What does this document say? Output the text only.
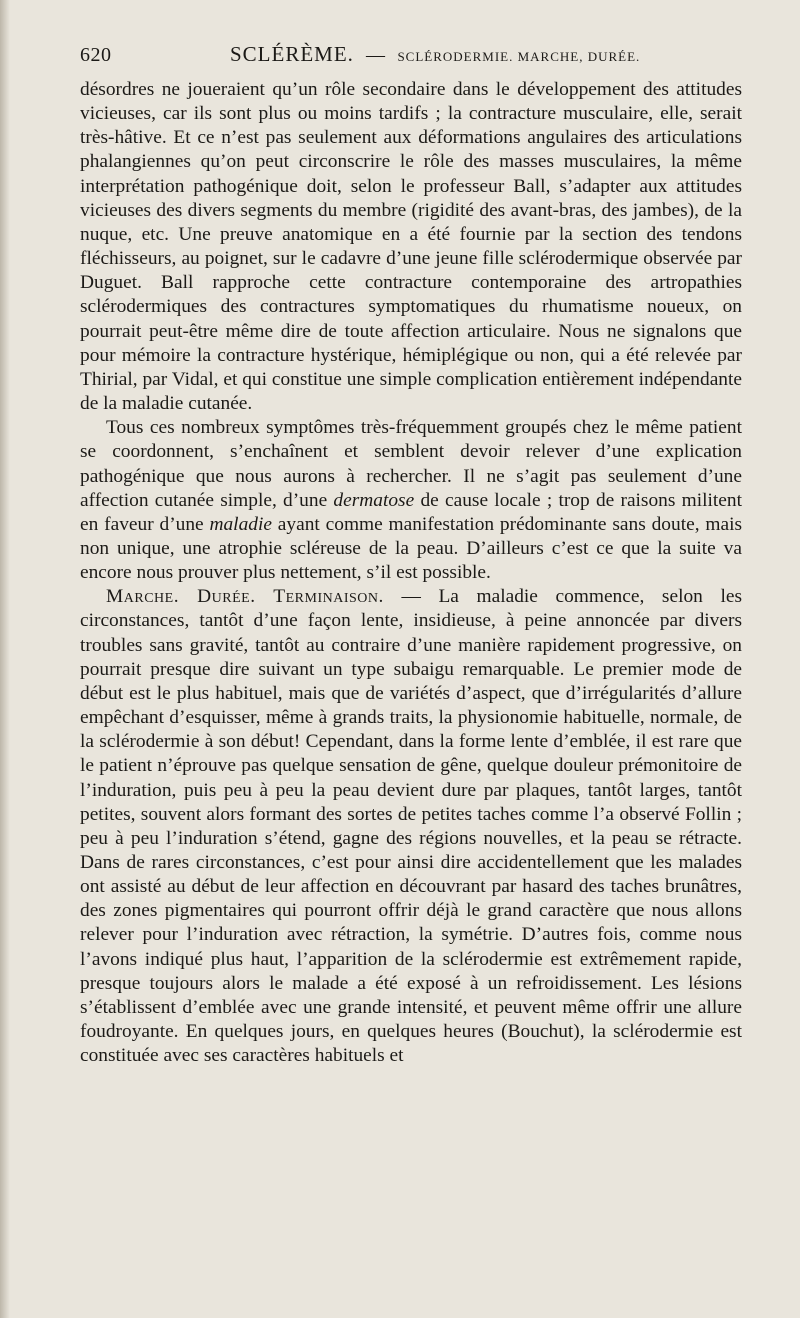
620	SCLÉRÈME. — SCLÉRODERMIE. MARCHE, DURÉE.

désordres ne joueraient qu’un rôle secondaire dans le développement des attitudes vicieuses, car ils sont plus ou moins tardifs ; la contracture musculaire, elle, serait très-hâtive. Et ce n’est pas seulement aux déformations angulaires des articulations phalangiennes qu’on peut circonscrire le rôle des masses musculaires, la même interprétation pathogénique doit, selon le professeur Ball, s’adapter aux attitudes vicieuses des divers segments du membre (rigidité des avant-bras, des jambes), de la nuque, etc. Une preuve anatomique en a été fournie par la section des tendons fléchisseurs, au poignet, sur le cadavre d’une jeune fille sclérodermique observée par Duguet. Ball rapproche cette contracture contemporaine des artropathies sclérodermiques des contractures symptomatiques du rhumatisme noueux, on pourrait peut-être même dire de toute affection articulaire. Nous ne signalons que pour mémoire la contracture hystérique, hémiplégique ou non, qui a été relevée par Thirial, par Vidal, et qui constitue une simple complication entièrement indépendante de la maladie cutanée.

Tous ces nombreux symptômes très-fréquemment groupés chez le même patient se coordonnent, s’enchaînent et semblent devoir relever d’une explication pathogénique que nous aurons à rechercher. Il ne s’agit pas seulement d’une affection cutanée simple, d’une dermatose de cause locale ; trop de raisons militent en faveur d’une maladie ayant comme manifestation prédominante sans doute, mais non unique, une atrophie scléreuse de la peau. D’ailleurs c’est ce que la suite va encore nous prouver plus nettement, s’il est possible.

Marche. Durée. Terminaison. — La maladie commence, selon les circonstances, tantôt d’une façon lente, insidieuse, à peine annoncée par divers troubles sans gravité, tantôt au contraire d’une manière rapidement progressive, on pourrait presque dire suivant un type subaigu remarquable. Le premier mode de début est le plus habituel, mais que de variétés d’aspect, que d’irrégularités d’allure empêchant d’esquisser, même à grands traits, la physionomie habituelle, normale, de la sclérodermie à son début! Cependant, dans la forme lente d’emblée, il est rare que le patient n’éprouve pas quelque sensation de gêne, quelque douleur prémonitoire de l’induration, puis peu à peu la peau devient dure par plaques, tantôt larges, tantôt petites, souvent alors formant des sortes de petites taches comme l’a observé Follin ; peu à peu l’induration s’étend, gagne des régions nouvelles, et la peau se rétracte. Dans de rares circonstances, c’est pour ainsi dire accidentellement que les malades ont assisté au début de leur affection en découvrant par hasard des taches brunâtres, des zones pigmentaires qui pourront offrir déjà le grand caractère que nous allons relever pour l’induration avec rétraction, la symétrie. D’autres fois, comme nous l’avons indiqué plus haut, l’apparition de la sclérodermie est extrêmement rapide, presque toujours alors le malade a été exposé à un refroidissement. Les lésions s’établissent d’emblée avec une grande intensité, et peuvent même offrir une allure foudroyante. En quelques jours, en quelques heures (Bouchut), la sclérodermie est constituée avec ses caractères habituels et
